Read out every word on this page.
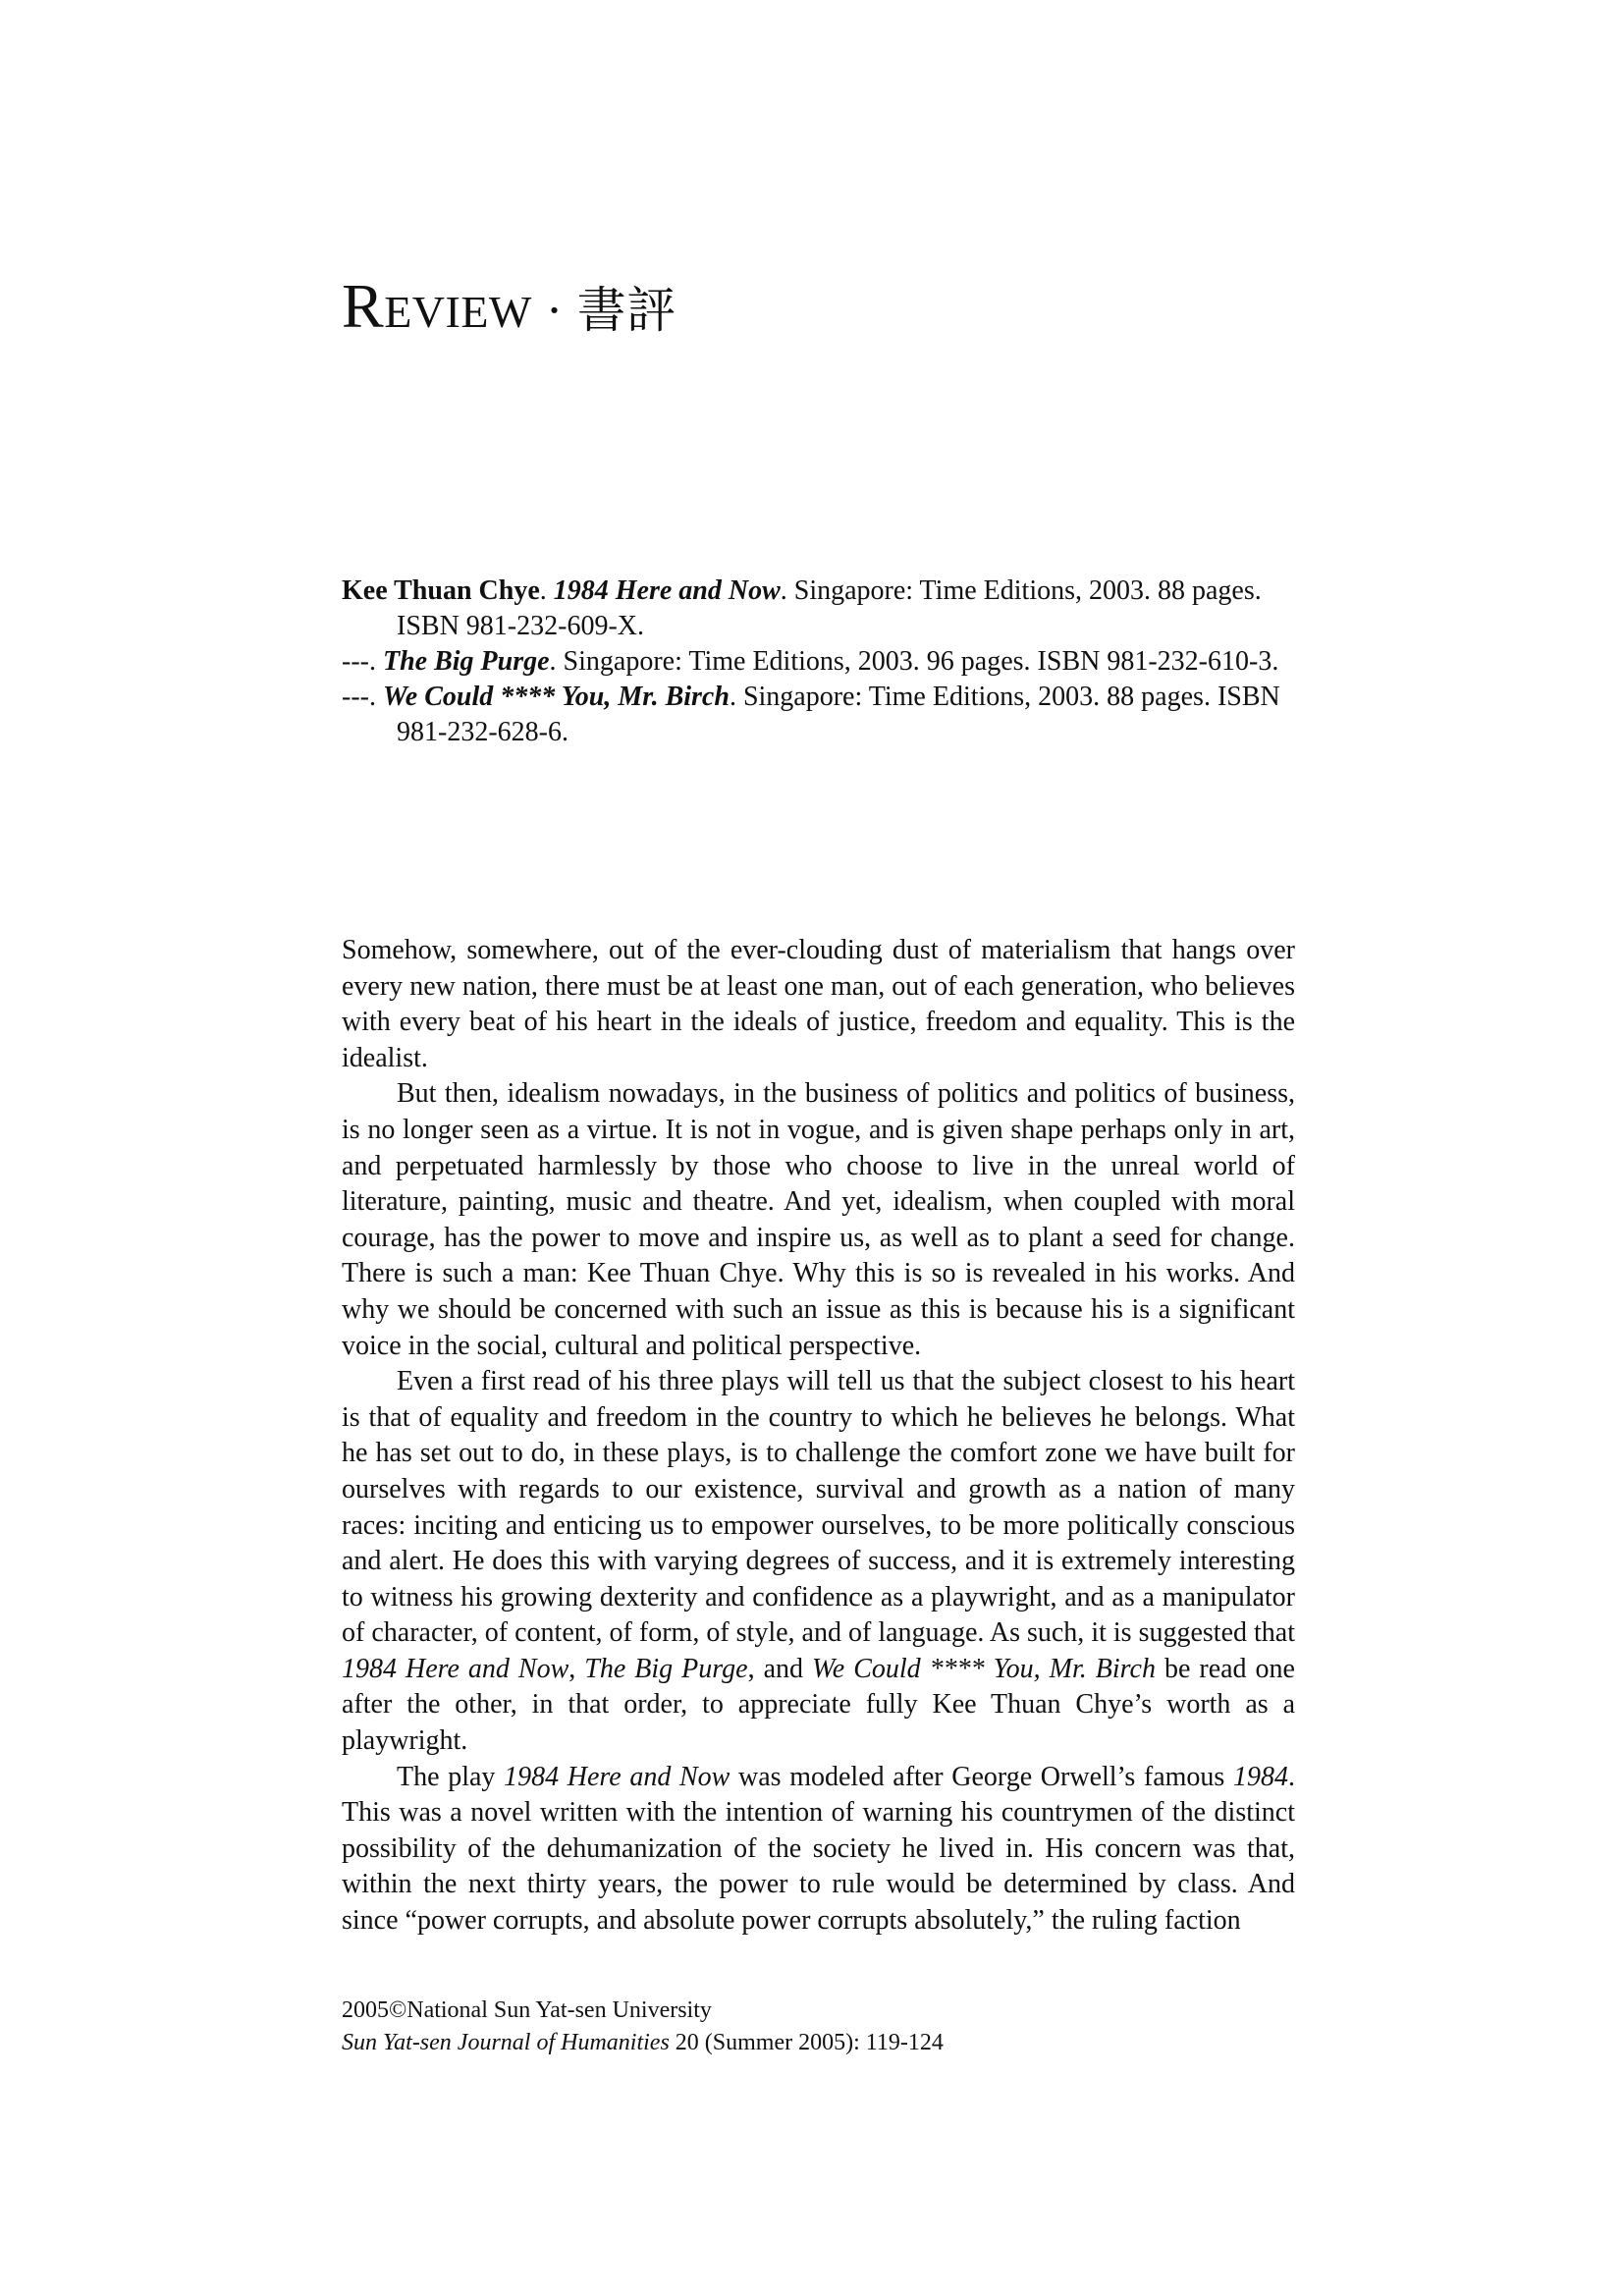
REVIEW · 書評

Kee Thuan Chye. 1984 Here and Now. Singapore: Time Editions, 2003. 88 pages. ISBN 981-232-609-X.

---. The Big Purge. Singapore: Time Editions, 2003. 96 pages. ISBN 981-232-610-3.

---. We Could **** You, Mr. Birch. Singapore: Time Editions, 2003. 88 pages. ISBN 981-232-628-6.

Somehow, somewhere, out of the ever-clouding dust of materialism that hangs over every new nation, there must be at least one man, out of each generation, who believes with every beat of his heart in the ideals of justice, freedom and equality. This is the idealist.

But then, idealism nowadays, in the business of politics and politics of business, is no longer seen as a virtue. It is not in vogue, and is given shape perhaps only in art, and perpetuated harmlessly by those who choose to live in the unreal world of literature, painting, music and theatre. And yet, idealism, when coupled with moral courage, has the power to move and inspire us, as well as to plant a seed for change. There is such a man: Kee Thuan Chye. Why this is so is revealed in his works. And why we should be concerned with such an issue as this is because his is a significant voice in the social, cultural and political perspective.

Even a first read of his three plays will tell us that the subject closest to his heart is that of equality and freedom in the country to which he believes he belongs. What he has set out to do, in these plays, is to challenge the comfort zone we have built for ourselves with regards to our existence, survival and growth as a nation of many races: inciting and enticing us to empower ourselves, to be more politically conscious and alert. He does this with varying degrees of success, and it is extremely interesting to witness his growing dexterity and confidence as a playwright, and as a manipulator of character, of content, of form, of style, and of language. As such, it is suggested that 1984 Here and Now, The Big Purge, and We Could **** You, Mr. Birch be read one after the other, in that order, to appreciate fully Kee Thuan Chye’s worth as a playwright.

The play 1984 Here and Now was modeled after George Orwell’s famous 1984. This was a novel written with the intention of warning his countrymen of the distinct possibility of the dehumanization of the society he lived in. His concern was that, within the next thirty years, the power to rule would be determined by class. And since “power corrupts, and absolute power corrupts absolutely,” the ruling faction

2005©National Sun Yat-sen University
Sun Yat-sen Journal of Humanities 20 (Summer 2005): 119-124
